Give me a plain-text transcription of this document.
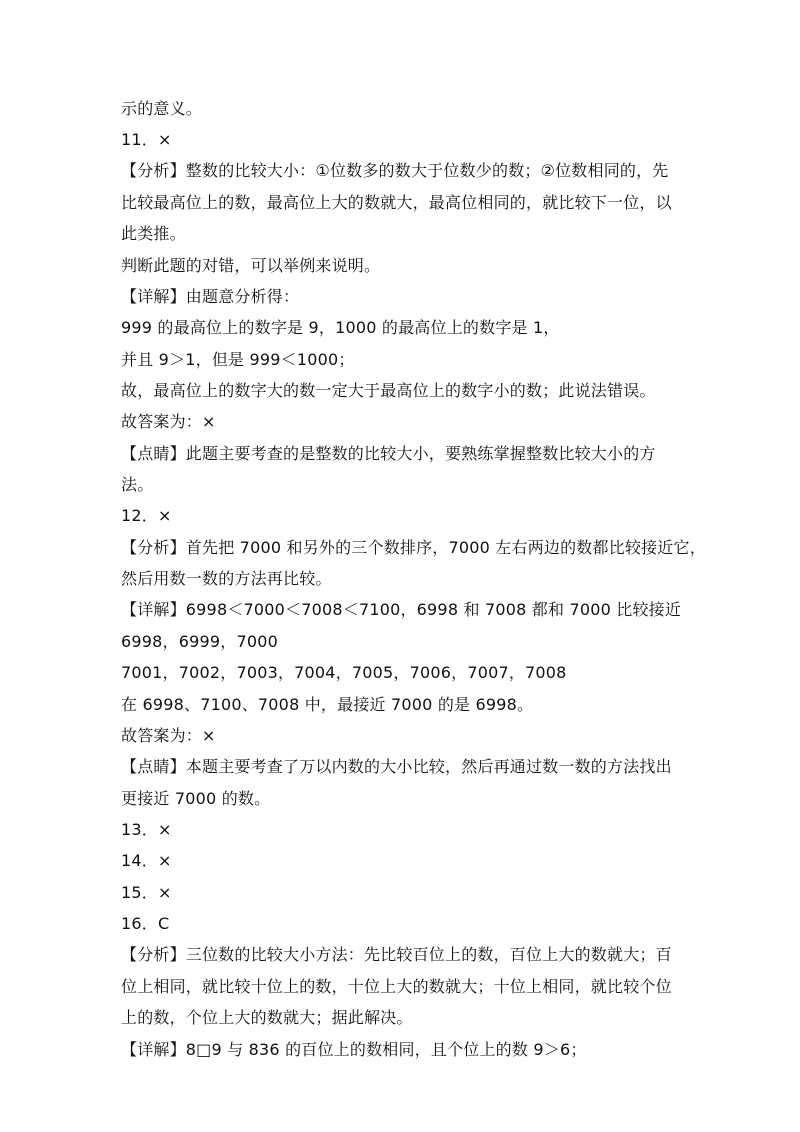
示的意义。
11．×
【分析】整数的比较大小：①位数多的数大于位数少的数；②位数相同的，先
比较最高位上的数，最高位上大的数就大，最高位相同的，就比较下一位，以
此类推。
判断此题的对错，可以举例来说明。
【详解】由题意分析得：
999 的最高位上的数字是 9，1000 的最高位上的数字是 1，
并且 9＞1，但是 999＜1000；
故，最高位上的数字大的数一定大于最高位上的数字小的数；此说法错误。
故答案为：×
【点睛】此题主要考查的是整数的比较大小，要熟练掌握整数比较大小的方
法。
12．×
【分析】首先把 7000 和另外的三个数排序，7000 左右两边的数都比较接近它，
然后用数一数的方法再比较。
【详解】6998＜7000＜7008＜7100，6998 和 7008 都和 7000 比较接近
6998，6999，7000
7001，7002，7003，7004，7005，7006，7007，7008
在 6998、7100、7008 中，最接近 7000 的是 6998。
故答案为：×
【点睛】本题主要考查了万以内数的大小比较，然后再通过数一数的方法找出
更接近 7000 的数。
13．×
14．×
15．×
16．C
【分析】三位数的比较大小方法：先比较百位上的数，百位上大的数就大；百
位上相同，就比较十位上的数，十位上大的数就大；十位上相同，就比较个位
上的数，个位上大的数就大；据此解决。
【详解】8□9 与 836 的百位上的数相同，且个位上的数 9＞6；
